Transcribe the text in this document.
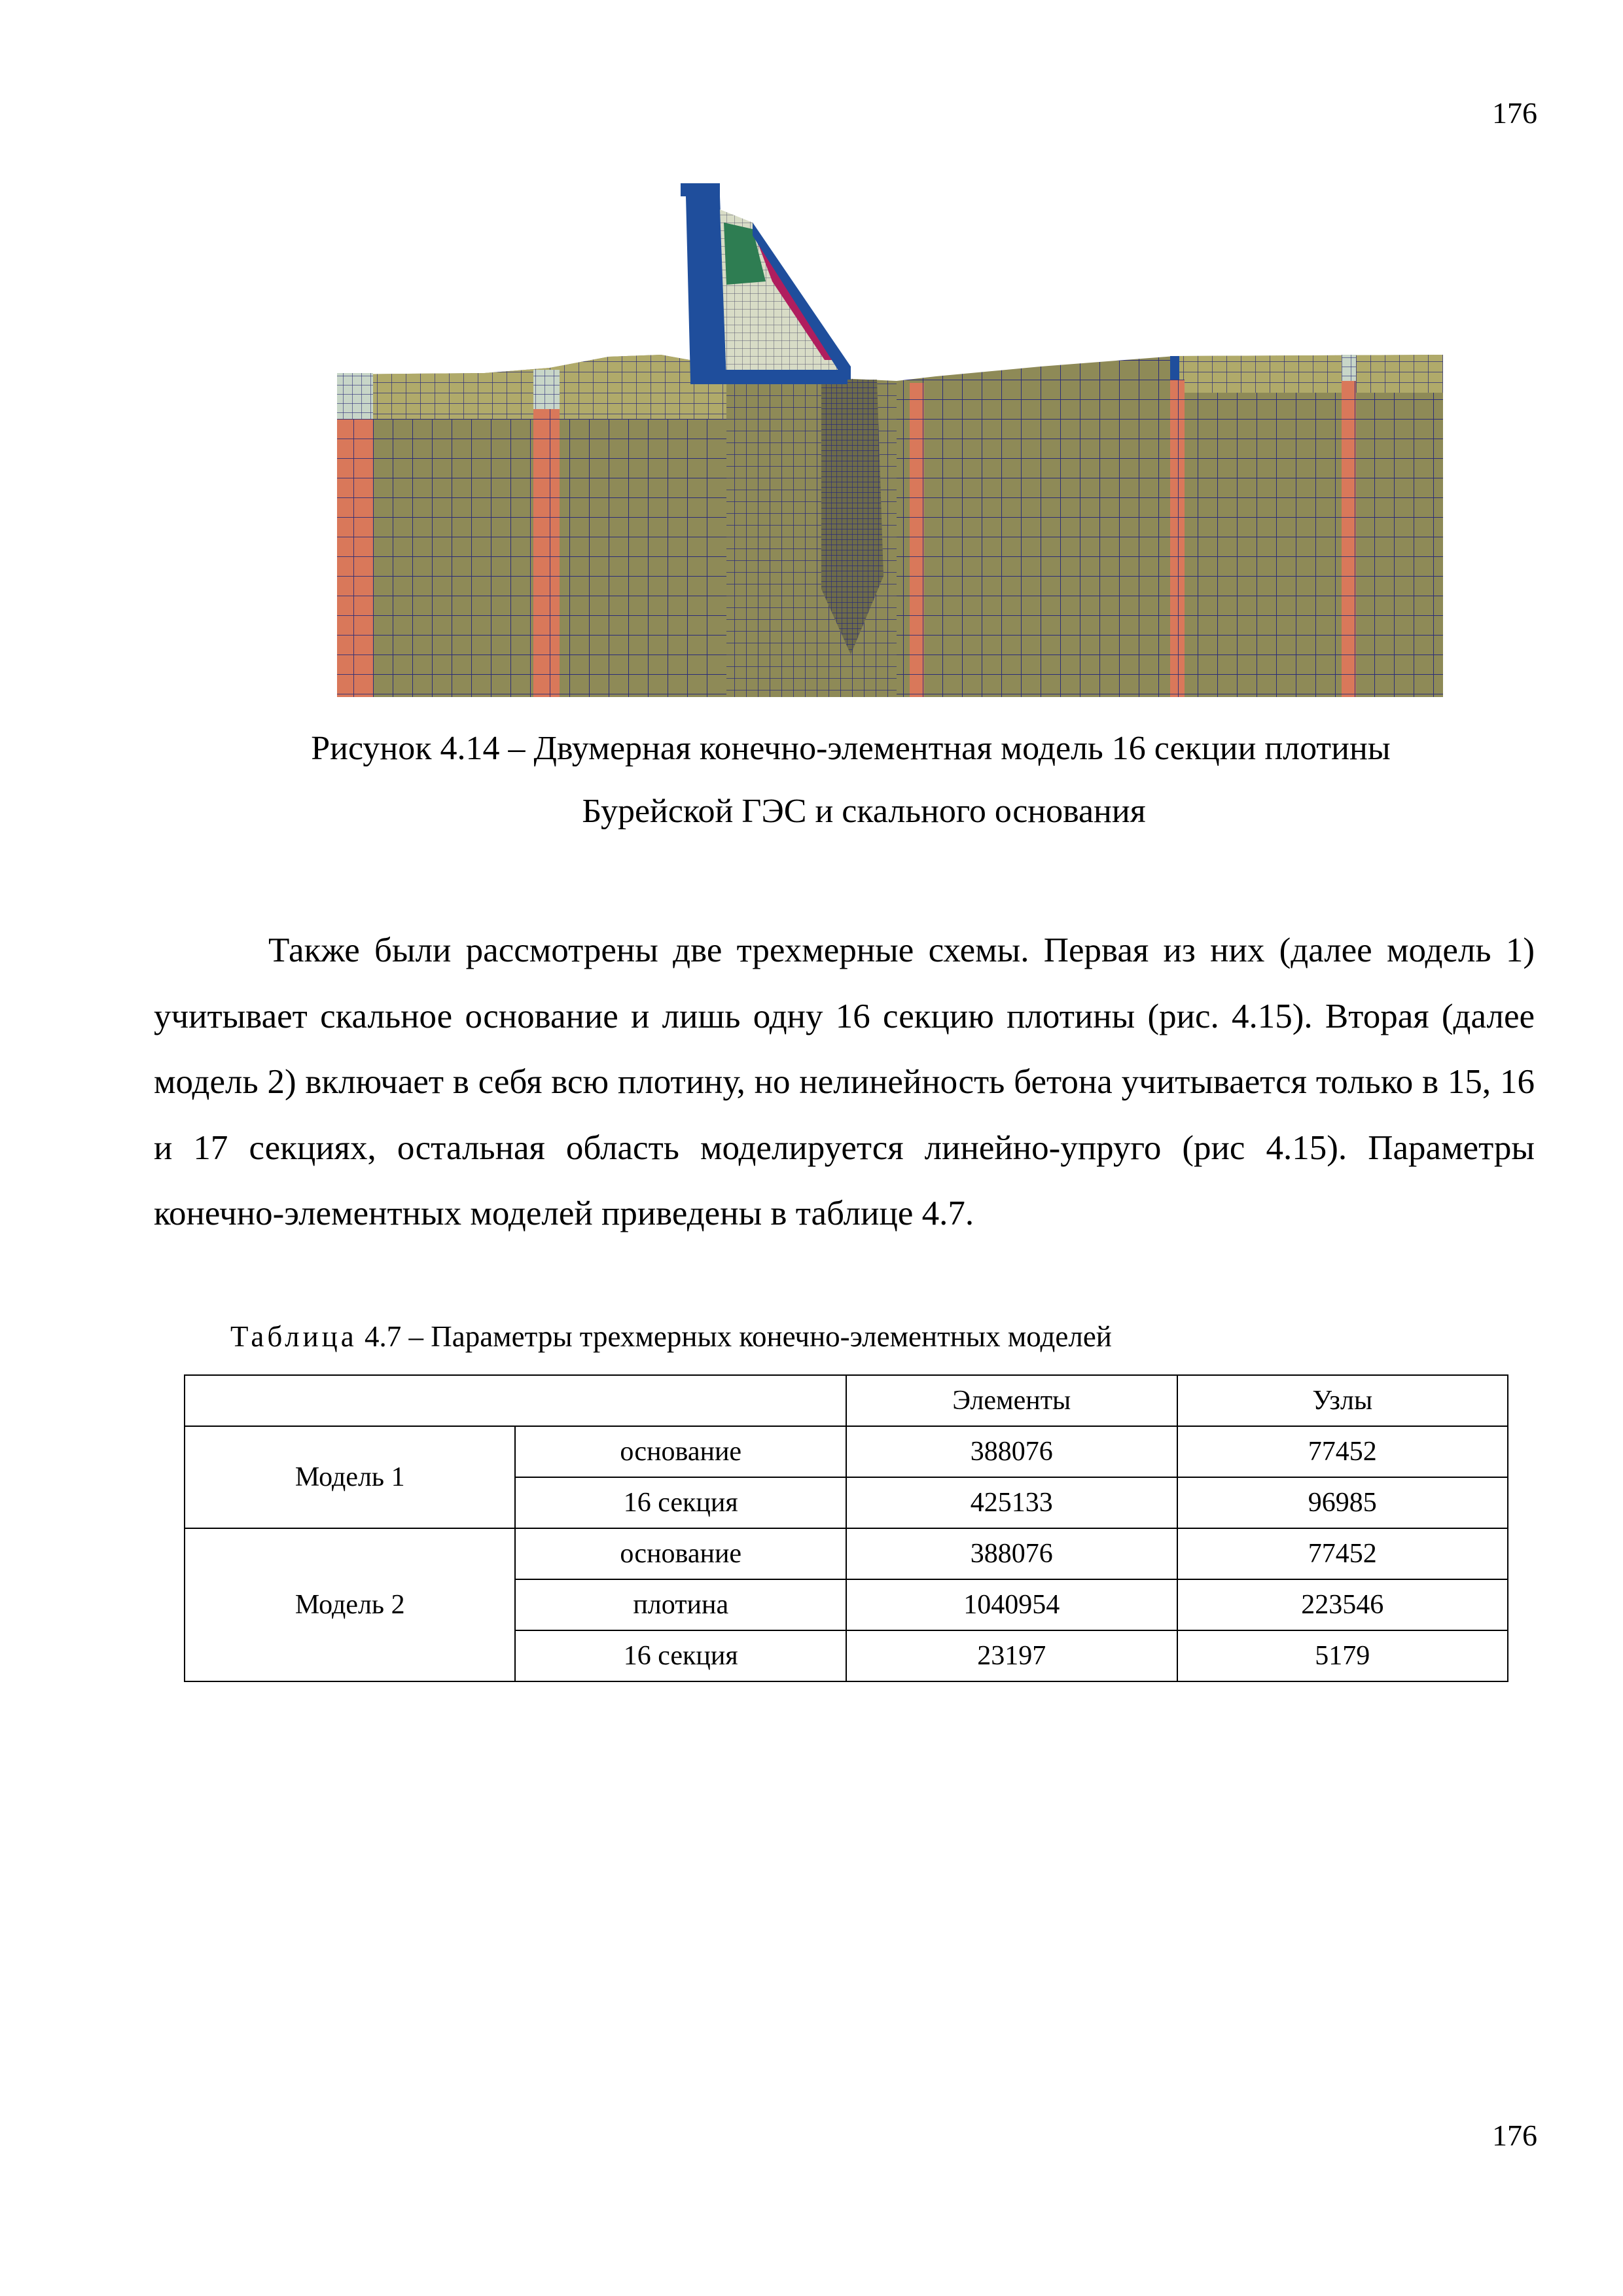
176
Рисунок 4.14 – Двумерная конечно-элементная модель 16 секции плотины
Бурейской ГЭС и скального основания
Также были рассмотрены две трехмерные схемы. Первая из них (далее модель 1) учитывает скальное основание и лишь одну 16 секцию плотины (рис. 4.15). Вторая (далее модель 2) включает в себя всю плотину, но нелинейность бетона учитывается только в 15, 16 и 17 секциях, остальная область моделируется линейно-упруго (рис 4.15). Параметры конечно-элементных моделей приведены в таблице 4.7.
Таблица 4.7 – Параметры трехмерных конечно-элементных моделей
		Элементы	Узлы
Модель 1	основание	388076	77452
	16 секция	425133	96985
Модель 2	основание	388076	77452
	плотина	1040954	223546
	16 секция	23197	5179
176
